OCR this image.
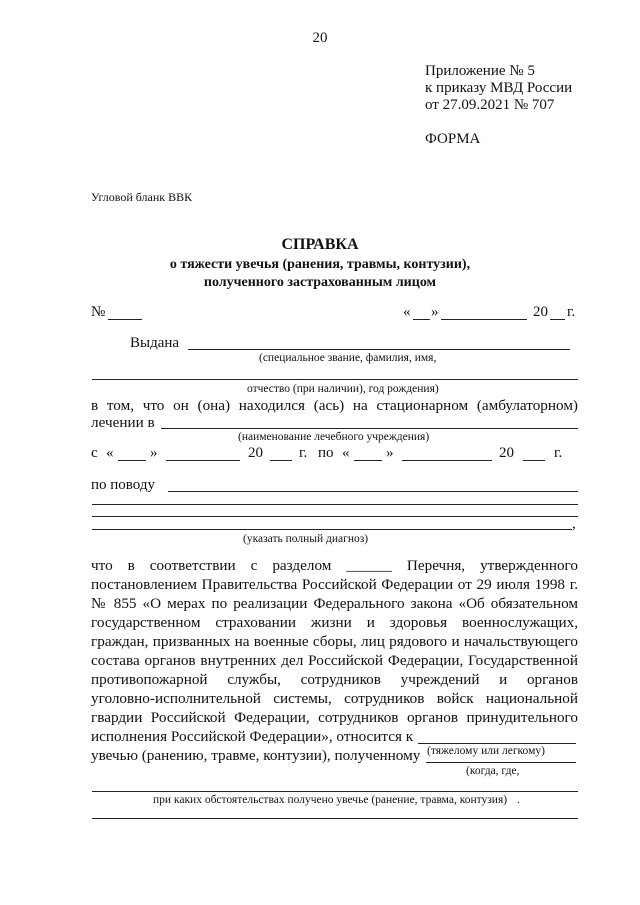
20
Приложение № 5
к приказу МВД России
от 27.09.2021 № 707
ФОРМА
Угловой бланк ВВК
СПРАВКА
о тяжести увечья (ранения, травмы, контузии),
полученного застрахованным лицом
№	« »	20 г.
Выдана
(специальное звание, фамилия, имя,
отчество (при наличии), год рождения)
в том, что он (она) находился (ась) на стационарном (амбулаторном)
лечении в
(наименование лечебного учреждения)
с « »	20 г. по « »	20	г.
по поводу
,
(указать полный диагноз)
что в соответствии с разделом ______ Перечня, утвержденного
постановлением Правительства Российской Федерации от 29 июля 1998 г.
№ 855 «О мерах по реализации Федерального закона «Об обязательном
государственном страховании жизни и здоровья военнослужащих,
граждан, призванных на военные сборы, лиц рядового и начальствующего
состава органов внутренних дел Российской Федерации, Государственной
противопожарной службы, сотрудников учреждений и органов
уголовно-исполнительной системы, сотрудников войск национальной
гвардии Российской Федерации, сотрудников органов принудительного
исполнения Российской Федерации», относится к
(тяжелому или легкому)
увечью (ранению, травме, контузии), полученному
(когда, где,
при каких обстоятельствах получено увечье (ранение, травма, контузия) .
